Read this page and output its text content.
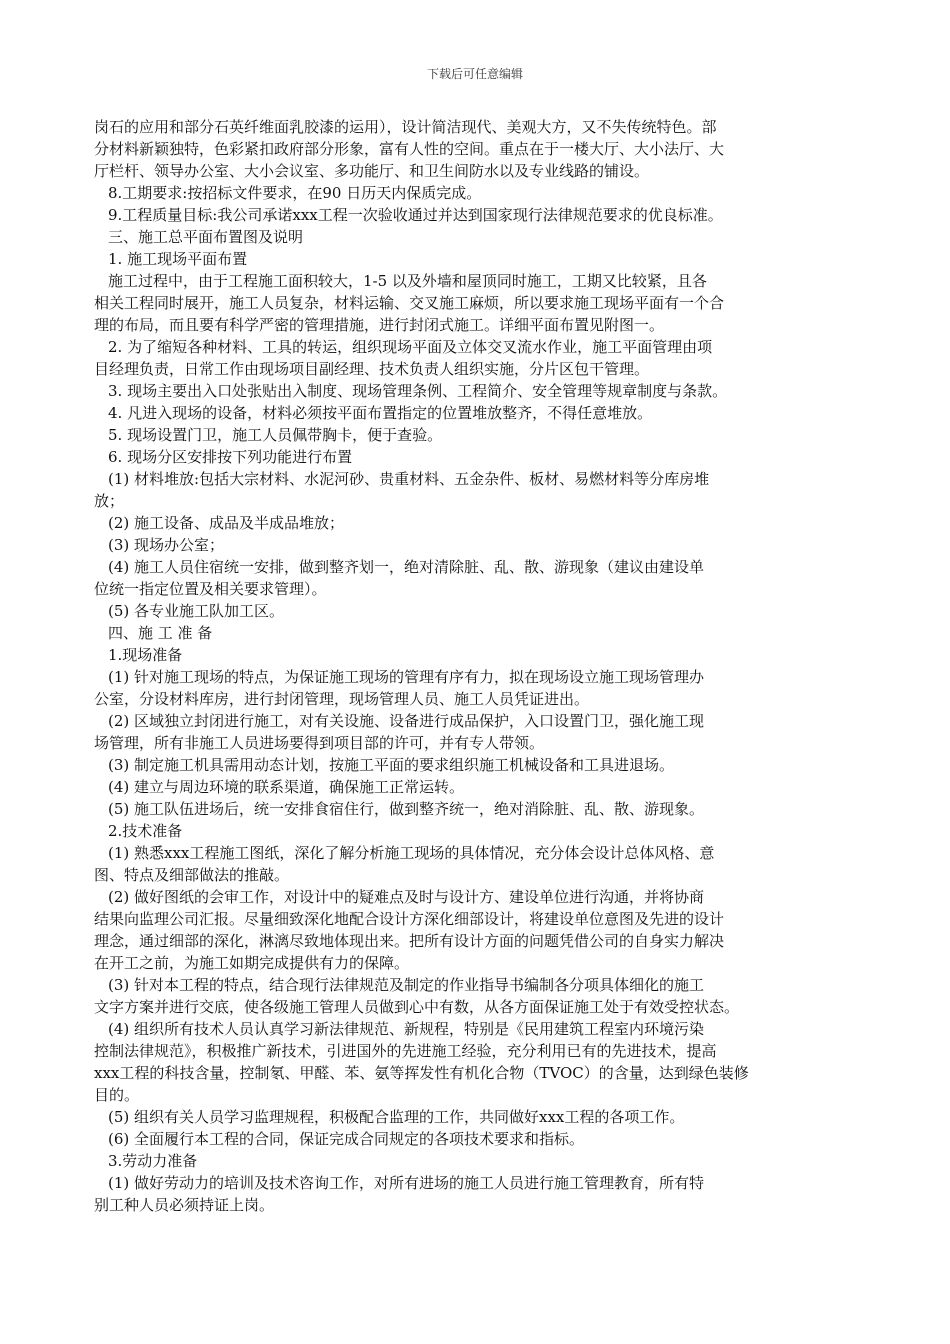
下载后可任意编辑
岗石的应用和部分石英纤维面乳胶漆的运用），设计简洁现代、美观大方，又不失传统特色。部
分材料新颖独特，色彩紧扣政府部分形象，富有人性的空间。重点在于一楼大厅、大小法厅、大
厅栏杆、领导办公室、大小会议室、多功能厅、和卫生间防水以及专业线路的铺设。
8.工期要求:按招标文件要求，在90 日历天内保质完成。
9.工程质量目标:我公司承诺xxx工程一次验收通过并达到国家现行法律规范要求的优良标准。
三、施工总平面布置图及说明
1. 施工现场平面布置
施工过程中，由于工程施工面积较大，1-5 以及外墙和屋顶同时施工，工期又比较紧，且各
相关工程同时展开，施工人员复杂，材料运输、交叉施工麻烦，所以要求施工现场平面有一个合
理的布局，而且要有科学严密的管理措施，进行封闭式施工。详细平面布置见附图一。
2. 为了缩短各种材料、工具的转运，组织现场平面及立体交叉流水作业，施工平面管理由项
目经理负责，日常工作由现场项目副经理、技术负责人组织实施，分片区包干管理。
3. 现场主要出入口处张贴出入制度、现场管理条例、工程简介、安全管理等规章制度与条款。
4. 凡进入现场的设备，材料必须按平面布置指定的位置堆放整齐，不得任意堆放。
5. 现场设置门卫，施工人员佩带胸卡，便于查验。
6. 现场分区安排按下列功能进行布置
(1) 材料堆放:包括大宗材料、水泥河砂、贵重材料、五金杂件、板材、易燃材料等分库房堆
放；
(2) 施工设备、成品及半成品堆放；
(3) 现场办公室；
(4) 施工人员住宿统一安排，做到整齐划一，绝对清除脏、乱、散、游现象（建议由建设单
位统一指定位置及相关要求管理）。
(5) 各专业施工队加工区。
四、施 工 准 备
1.现场准备
(1) 针对施工现场的特点，为保证施工现场的管理有序有力，拟在现场设立施工现场管理办
公室，分设材料库房，进行封闭管理，现场管理人员、施工人员凭证进出。
(2) 区域独立封闭进行施工，对有关设施、设备进行成品保护，入口设置门卫，强化施工现
场管理，所有非施工人员进场要得到项目部的许可，并有专人带领。
(3) 制定施工机具需用动态计划，按施工平面的要求组织施工机械设备和工具进退场。
(4) 建立与周边环境的联系渠道，确保施工正常运转。
(5) 施工队伍进场后，统一安排食宿住行，做到整齐统一，绝对消除脏、乱、散、游现象。
2.技术准备
(1) 熟悉xxx工程施工图纸，深化了解分析施工现场的具体情况，充分体会设计总体风格、意
图、特点及细部做法的推敲。
(2) 做好图纸的会审工作，对设计中的疑难点及时与设计方、建设单位进行沟通，并将协商
结果向监理公司汇报。尽量细致深化地配合设计方深化细部设计，将建设单位意图及先进的设计
理念，通过细部的深化，淋漓尽致地体现出来。把所有设计方面的问题凭借公司的自身实力解决
在开工之前，为施工如期完成提供有力的保障。
(3) 针对本工程的特点，结合现行法律规范及制定的作业指导书编制各分项具体细化的施工
文字方案并进行交底，使各级施工管理人员做到心中有数，从各方面保证施工处于有效受控状态。
(4) 组织所有技术人员认真学习新法律规范、新规程，特别是《民用建筑工程室内环境污染
控制法律规范》，积极推广新技术，引进国外的先进施工经验，充分利用已有的先进技术，提高
xxx工程的科技含量，控制氡、甲醛、苯、氨等挥发性有机化合物（TVOC）的含量，达到绿色装修
目的。
(5) 组织有关人员学习监理规程，积极配合监理的工作，共同做好xxx工程的各项工作。
(6) 全面履行本工程的合同，保证完成合同规定的各项技术要求和指标。
3.劳动力准备
(1) 做好劳动力的培训及技术咨询工作，对所有进场的施工人员进行施工管理教育，所有特
别工种人员必须持证上岗。
